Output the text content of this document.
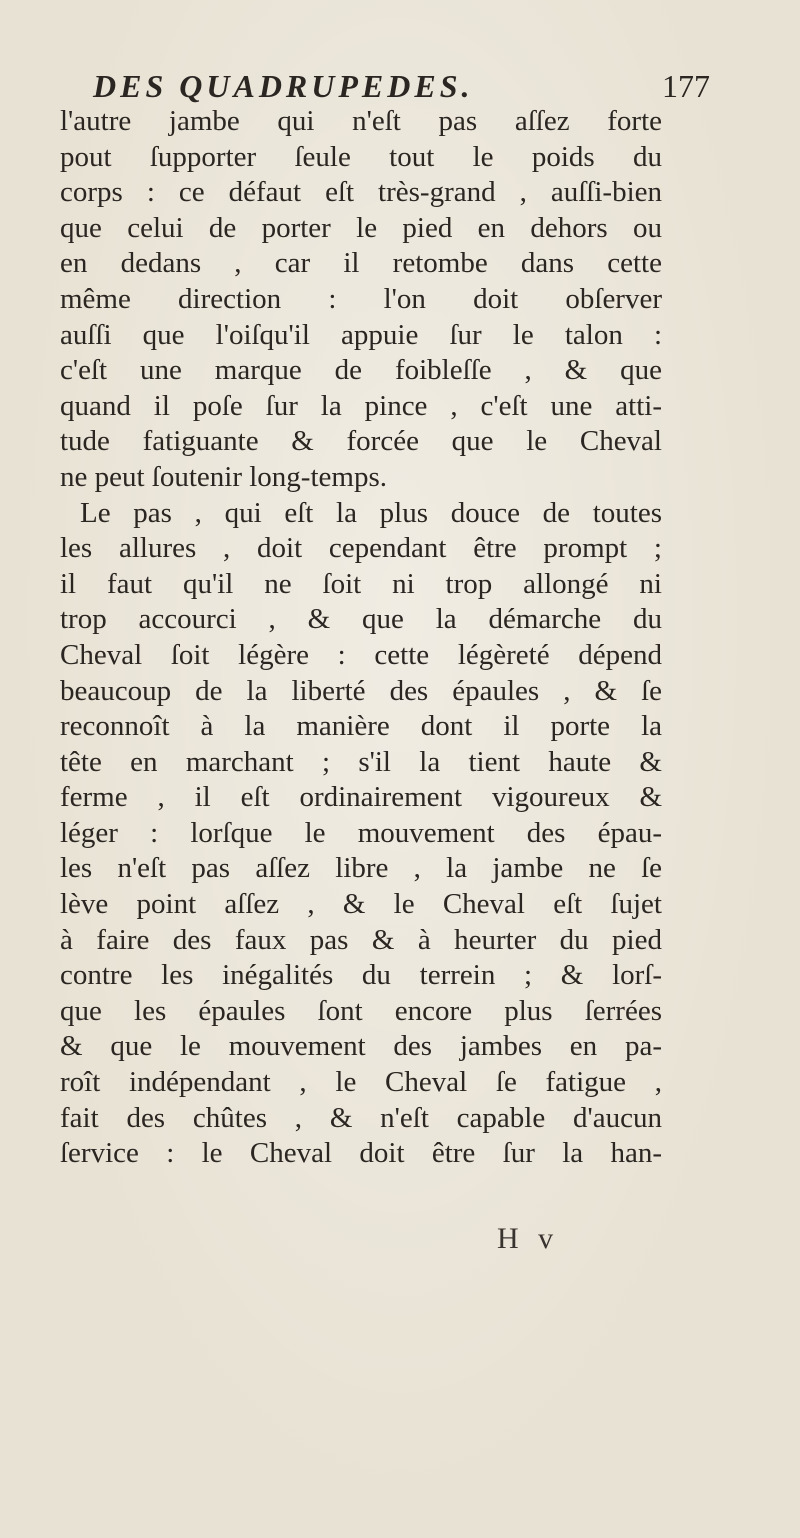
DES QUADRUPEDES.	177
l'autre jambe qui n'eſt pas aſſez forte
pout ſupporter ſeule tout le poids du
corps : ce défaut eſt très-grand , auſſi-bien
que celui de porter le pied en dehors ou
en dedans , car il retombe dans cette
même direction : l'on doit obſerver
auſſi que l'oiſqu'il appuie ſur le talon :
c'eſt une marque de foibleſſe , & que
quand il poſe ſur la pince , c'eſt une atti-
tude fatiguante & forcée que le Cheval
ne peut ſoutenir long-temps.
Le pas , qui eſt la plus douce de toutes
les allures , doit cependant être prompt ;
il faut qu'il ne ſoit ni trop allongé ni
trop accourci , & que la démarche du
Cheval ſoit légère : cette légèreté dépend
beaucoup de la liberté des épaules , & ſe
reconnoît à la manière dont il porte la
tête en marchant ; s'il la tient haute &
ferme , il eſt ordinairement vigoureux &
léger : lorſque le mouvement des épau-
les n'eſt pas aſſez libre , la jambe ne ſe
lève point aſſez , & le Cheval eſt ſujet
à faire des faux pas & à heurter du pied
contre les inégalités du terrein ; & lorſ-
que les épaules ſont encore plus ſerrées
& que le mouvement des jambes en pa-
roît indépendant , le Cheval ſe fatigue ,
fait des chûtes , & n'eſt capable d'aucun
ſervice : le Cheval doit être ſur la han-
H v
